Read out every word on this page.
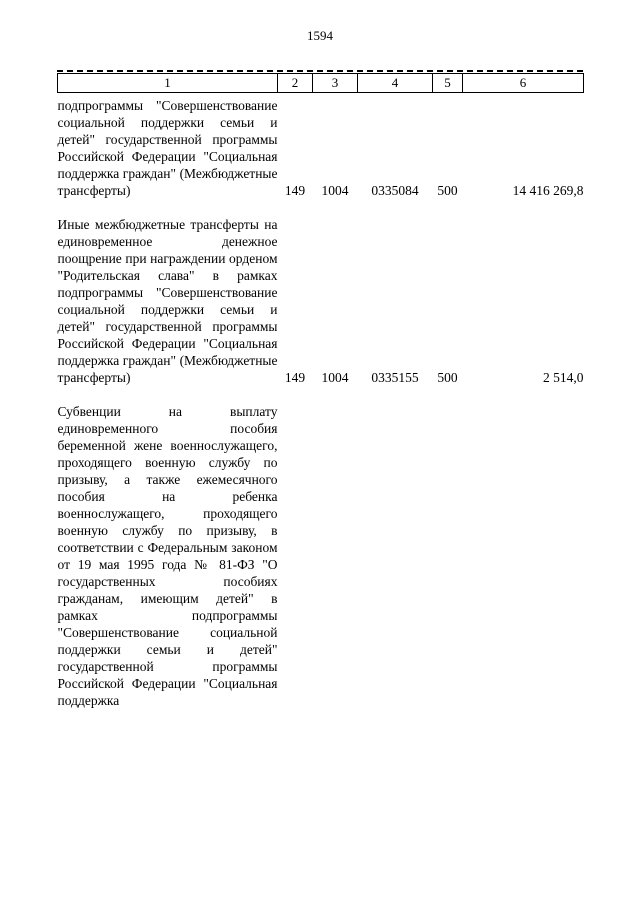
1594
1	2	3	4	5	6
подпрограммы "Совершенствование социальной поддержки семьи и детей" государственной программы Российской Федерации "Социальная поддержка граждан" (Межбюджетные трансферты)	149	1004	0335084	500	14 416 269,8
Иные межбюджетные трансферты на единовременное денежное поощрение при награждении орденом "Родительская слава" в рамках подпрограммы "Совершенствование социальной поддержки семьи и детей" государственной программы Российской Федерации "Социальная поддержка граждан" (Межбюджетные трансферты)	149	1004	0335155	500	2 514,0
Субвенции на выплату единовременного пособия беременной жене военнослужащего, проходящего военную службу по призыву, а также ежемесячного пособия на ребенка военнослужащего, проходящего военную службу по призыву, в соответствии с Федеральным законом от 19 мая 1995 года № 81-ФЗ "О государственных пособиях гражданам, имеющим детей" в рамках подпрограммы "Совершенствование социальной поддержки семьи и детей" государственной программы Российской Федерации "Социальная поддержка					
